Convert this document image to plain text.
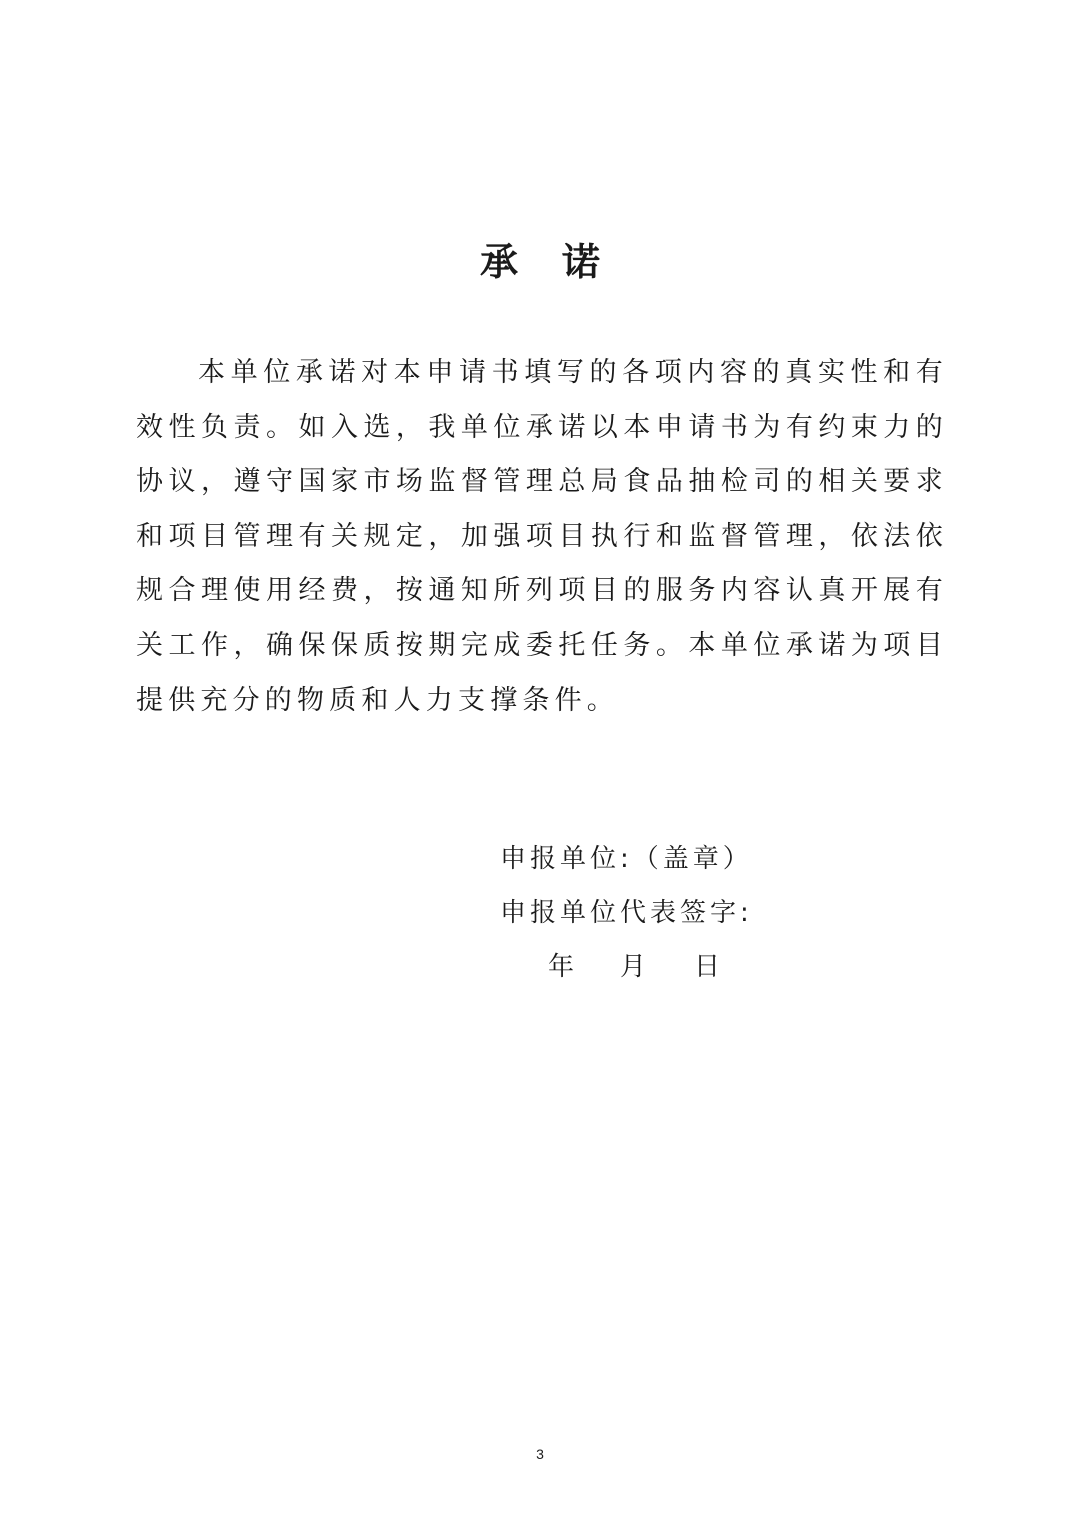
承诺

本单位承诺对本申请书填写的各项内容的真实性和有效性负责。如入选，我单位承诺以本申请书为有约束力的协议，遵守国家市场监督管理总局食品抽检司的相关要求和项目管理有关规定，加强项目执行和监督管理，依法依规合理使用经费，按通知所列项目的服务内容认真开展有关工作，确保保质按期完成委托任务。本单位承诺为项目提供充分的物质和人力支撑条件。

申报单位:（盖章）
申报单位代表签字:
年 月 日
3
